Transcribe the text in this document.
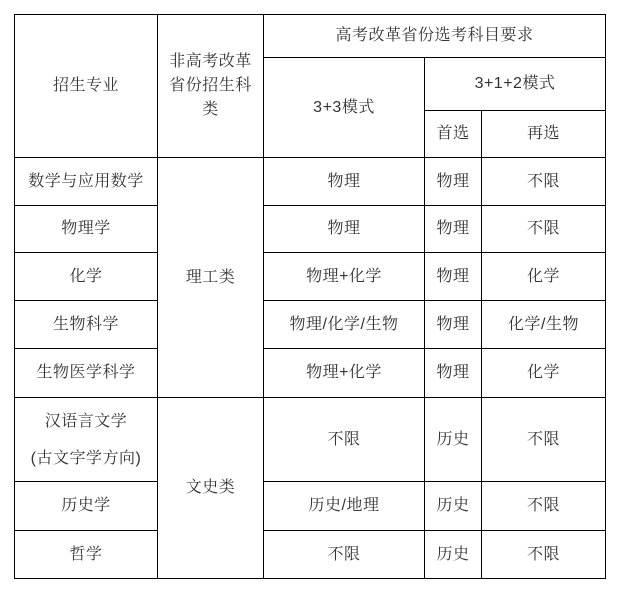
招生专业	非高考改革省份招生科类	高考改革省份选考科目要求		
		3+3模式	3+1+2模式	
			首选	再选
数学与应用数学	理工类	物理	物理	不限
物理学		物理	物理	不限
化学		物理+化学	物理	化学
生物科学		物理/化学/生物	物理	化学/生物
生物医学科学		物理+化学	物理	化学

汉语言文学
(古文字学方向)	文史类	不限	历史	不限
历史学		历史/地理	历史	不限
哲学		不限	历史	不限
